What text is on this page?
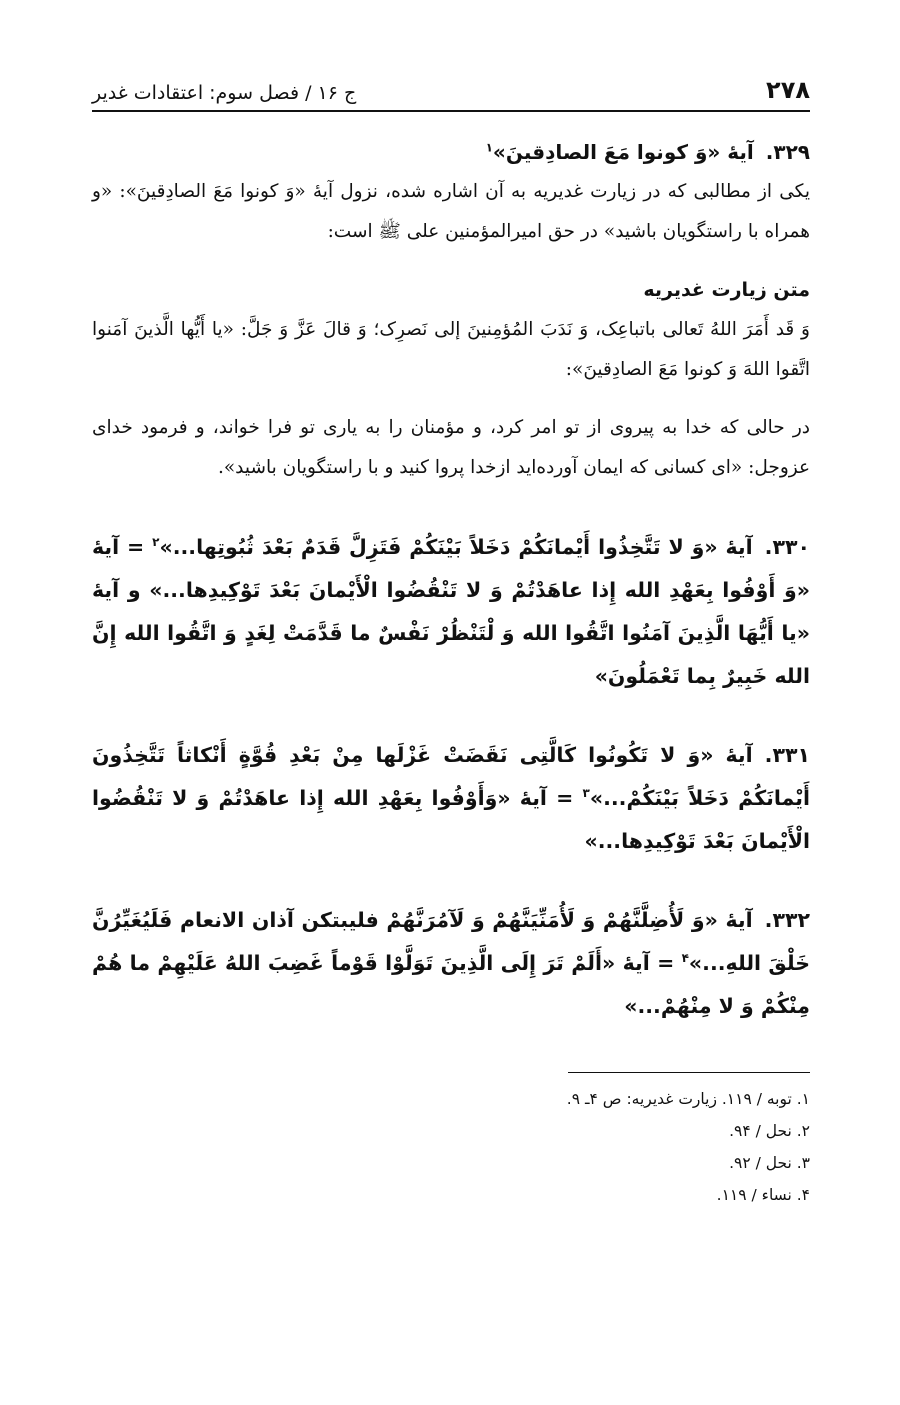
۲۷۸
ج ۱۶ / فصل سوم: اعتقادات غدیر
۳۲۹.آیهٔ «وَ کونوا مَعَ الصادِقینَ»$^۱$
یکی از مطالبی که در زیارت غدیریه به آن اشاره شده، نزول آیهٔ «وَ کونوا مَعَ الصادِقینَ»: «و همراه با راستگویان باشید» در حق امیرالمؤمنین علی ﷺ است:
متن زیارت غدیریه
وَ قَد أَمَرَ اللهُ تَعالی باتباعِک، وَ نَدَبَ المُؤمِنینَ إلی نَصرِک؛ وَ قالَ عَزَّ وَ جَلَّ: «یا أَیُّها الَّذینَ آمَنوا اتَّقوا اللهَ وَ کونوا مَعَ الصادِقینَ»:
در حالی که خدا به پیروی از تو امر کرد، و مؤمنان را به یاری تو فرا خواند، و فرمود خدای عزوجل: «ای کسانی که ایمان آورده‌اید ازخدا پروا کنید و با راستگویان باشید».
۳۳۰.آیهٔ «وَ لا تَتَّخِذُوا أَیْمانَکُمْ دَخَلاً بَیْنَکُمْ فَتَزِلَّ قَدَمٌ بَعْدَ ثُبُوتِها...»$^۲$ = آیهٔ «وَ أَوْفُوا بِعَهْدِ الله إِذا عاهَدْتُمْ وَ لا تَنْقُضُوا الْأَیْمانَ بَعْدَ تَوْکِیدِها...» و آیهٔ «یا أَیُّهَا الَّذِینَ آمَنُوا اتَّقُوا الله وَ لْتَنْظُرْ نَفْسٌ ما قَدَّمَتْ لِغَدٍ وَ اتَّقُوا الله إِنَّ الله خَبِیرٌ بِما تَعْمَلُونَ»
۳۳۱.آیهٔ «وَ لا تَکُونُوا کَالَّتِی نَقَضَتْ غَزْلَها مِنْ بَعْدِ قُوَّةٍ أَنْکاثاً تَتَّخِذُونَ أَیْمانَکُمْ دَخَلاً بَیْنَکُمْ...»$^۳$ = آیهٔ «وَأَوْفُوا بِعَهْدِ الله إِذا عاهَدْتُمْ وَ لا تَنْقُضُوا الْأَیْمانَ بَعْدَ تَوْکِیدِها...»
۳۳۲.آیهٔ «وَ لَأُضِلَّنَّهُمْ وَ لَأُمَنِّیَنَّهُمْ وَ لَآمُرَنَّهُمْ فلیبتکن آذان الانعام فَلَیُغَیِّرُنَّ خَلْقَ اللهِ...»$^۴$ = آیهٔ «أَلَمْ تَرَ إِلَی الَّذِینَ تَوَلَّوْا قَوْماً غَضِبَ اللهُ عَلَیْهِمْ ما هُمْ مِنْکُمْ وَ لا مِنْهُمْ...»
۱. توبه / ۱۱۹. زیارت غدیریه: ص ۴ـ ۹.
۲. نحل / ۹۴.
۳. نحل / ۹۲.
۴. نساء / ۱۱۹.
